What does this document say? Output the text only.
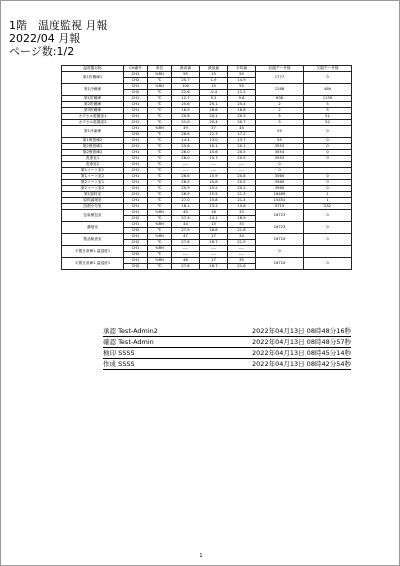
1階　温度監視 月報
2022/04 月報
ページ数:1/2
温度器名称	CH番号	単位	最高値	最低値	平均値	収録データ数	欠損データ数
第1貯蔵庫1	CH1	%RH	95	15	55	1777	0
	CH2	℃	25.7	1.9	14.9		
第1冷蔵庫	CH1	%RH	100	15	55	1288	489
	CH2	℃	22.6	-0.4	11.2		
第1貯蔵庫	CH1	℃	12.7	5.1	9.8	638	1139
第2貯蔵庫	CH1	℃	25.6	25.1	25.4	2	5
第3貯蔵庫	CH1	℃	16.9	16.6	16.8	2	5
カプセル乾燥室1	CH1	℃	20.6	20.1	20.3	5	51
カプセル乾燥室2	CH1	℃	21.0	20.4	20.7	5	52
第1冷凍庫	CH1	%RH	49	37	45	55	0
	CH2	℃	26.6	12.3	17.2		
第1保管庫2	CH1	℃	14.4	13.0	13.7	55	0
第2保管庫1	CH1	℃	25.6	15.1	20.1	3553	0
第2保管庫2	CH1	℃	26.0	15.6	20.5	3554	0
洗浄室1	CH1	℃	26.0	15.7	20.5	3553	0
洗浄室2	CH1	℃	----	----	----	0	
第1コート室1	CH1	℃	----	----	----	0	
第1コート室2	CH1	℃	26.6	15.9	20.8	3560	0
第2コート室1	CH1	℃	26.3	15.8	20.5	3560	0
第2コート室2	CH1	℃	25.9	15.2	20.2	3560	0
第1原料室	CH1	℃	26.9	15.5	21.3	16469	1
原料調剤室	CH1	℃	27.0	15.8	21.4	15451	1
溶剤小分室	CH1	℃	18.1	13.2	15.6	5719	252
包装梱包室	CH1	%RH	45	16	33	16723	0
	CH2	℃	27.4	14.1	18.9		
濃剤室	CH1	%RH	44	15	33	16723	0
	CH2	℃	27.9	16.8	21.8		
製品検査室	CH1	%RH	47	17	34	16724	0
	CH2	℃	27.6	16.7	21.5		
平置き倉庫1 温湿度1	CH1	%RH	----	----	----	0	
	CH2	℃	----	----	----		
平置き倉庫1 温湿度1	CH1	%RH	46	17	35	16724	0
	CH2	℃	27.6	16.7	21.6		
承認 Test-Admin2	2022年04月13日 08時48分16秒
確認 Test-Admin	2022年04月13日 08時48分57秒
検印 SSSS	2022年04月13日 08時45分14秒
作成 SSSS	2022年04月13日 08時42分54秒
1
